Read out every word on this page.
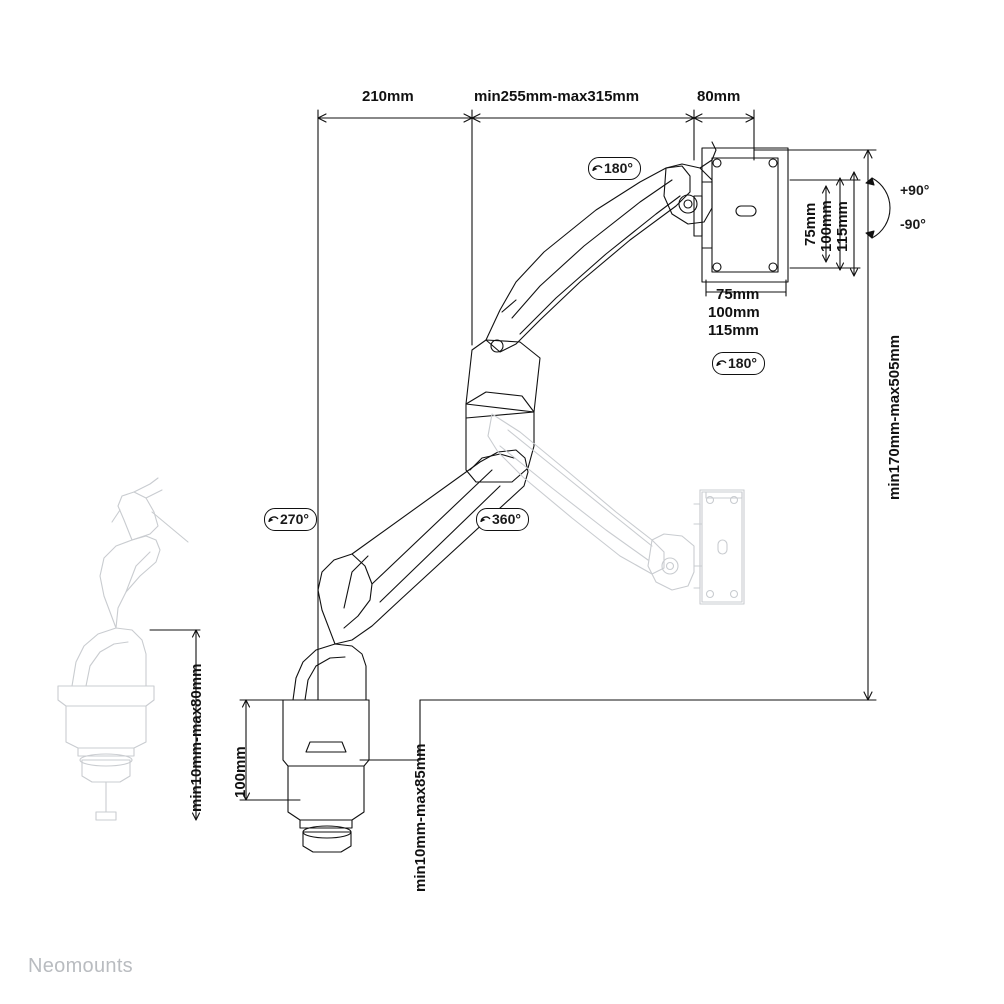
210mm	min255mm-max315mm	80mm
75mm 100mm 115mm
75mm
100mm
115mm
min170mm-max505mm
100mm
min10mm-max80mm
min10mm-max85mm
180°
180°
270°	360°
+90°
-90°
Neomounts
